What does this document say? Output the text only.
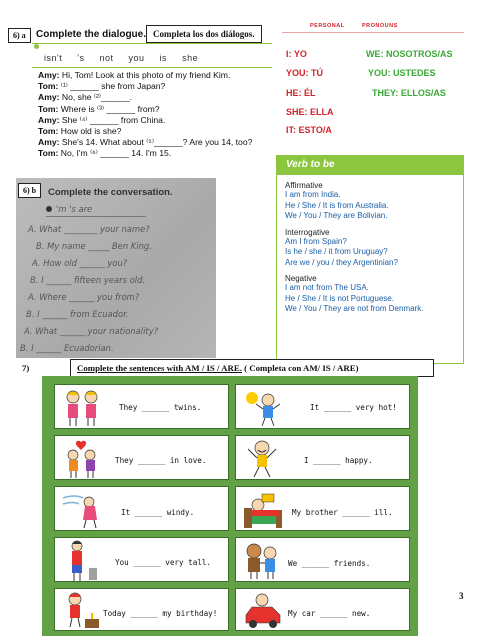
6) a	Complete the dialogue. Completa los dos diálogos.
isn't 's not you is she
Amy: Hi, Tom! Look at this photo of my friend Kim.
Tom: ⁽¹⁾ ______ she from Japan?
Amy: No, she ⁽²⁾______.
Tom: Where is ⁽³⁾ ______ from?
Amy: She ⁽⁴⁾ ______ from China.
Tom: How old is she?
Amy: She's 14. What about ⁽⁵⁾______? Are you 14, too?
Tom: No, I'm ⁽⁶⁾ ______ 14. I'm 15.
PERSONAL	PRONOUNS
I: YO	WE: NOSOTROS/AS
YOU: TÚ	YOU: USTEDES
HE: ÉL	THEY: ELLOS/AS
SHE: ELLA
IT: ESTO/A
Verb to be
Affirmative
I am from India.
He / She / It is from Australia.
We / You / They are Bolivian.
Interrogative
Am I from Spain?
Is he / she / it from Uruguay?
Are we / you / they Argentinian?
Negative
I am not from The USA.
He / She / It is not Portuguese.
We / You / They are not from Denmark.
Complete the conversation.
'm 's are
A. What ________ your name?
B. My name _____ Ben King.
A. How old ______ you?
B. I ______ fifteen years old.
A. Where ______ you from?
B. I ______ from Ecuador.
A. What ______ your nationality?
B. I ______ Ecuadorian.
6) b
7)	Complete the sentences with AM / IS / ARE. ( Completa con AM/ IS / ARE)
They ______ twins.	It ______ very hot!
They ______ in love.	I ______ happy.
It ______ windy.	My brother ______ ill.
You ______ very tall.	We ______ friends.
Today ______ my birthday!	My car ______ new.
3
